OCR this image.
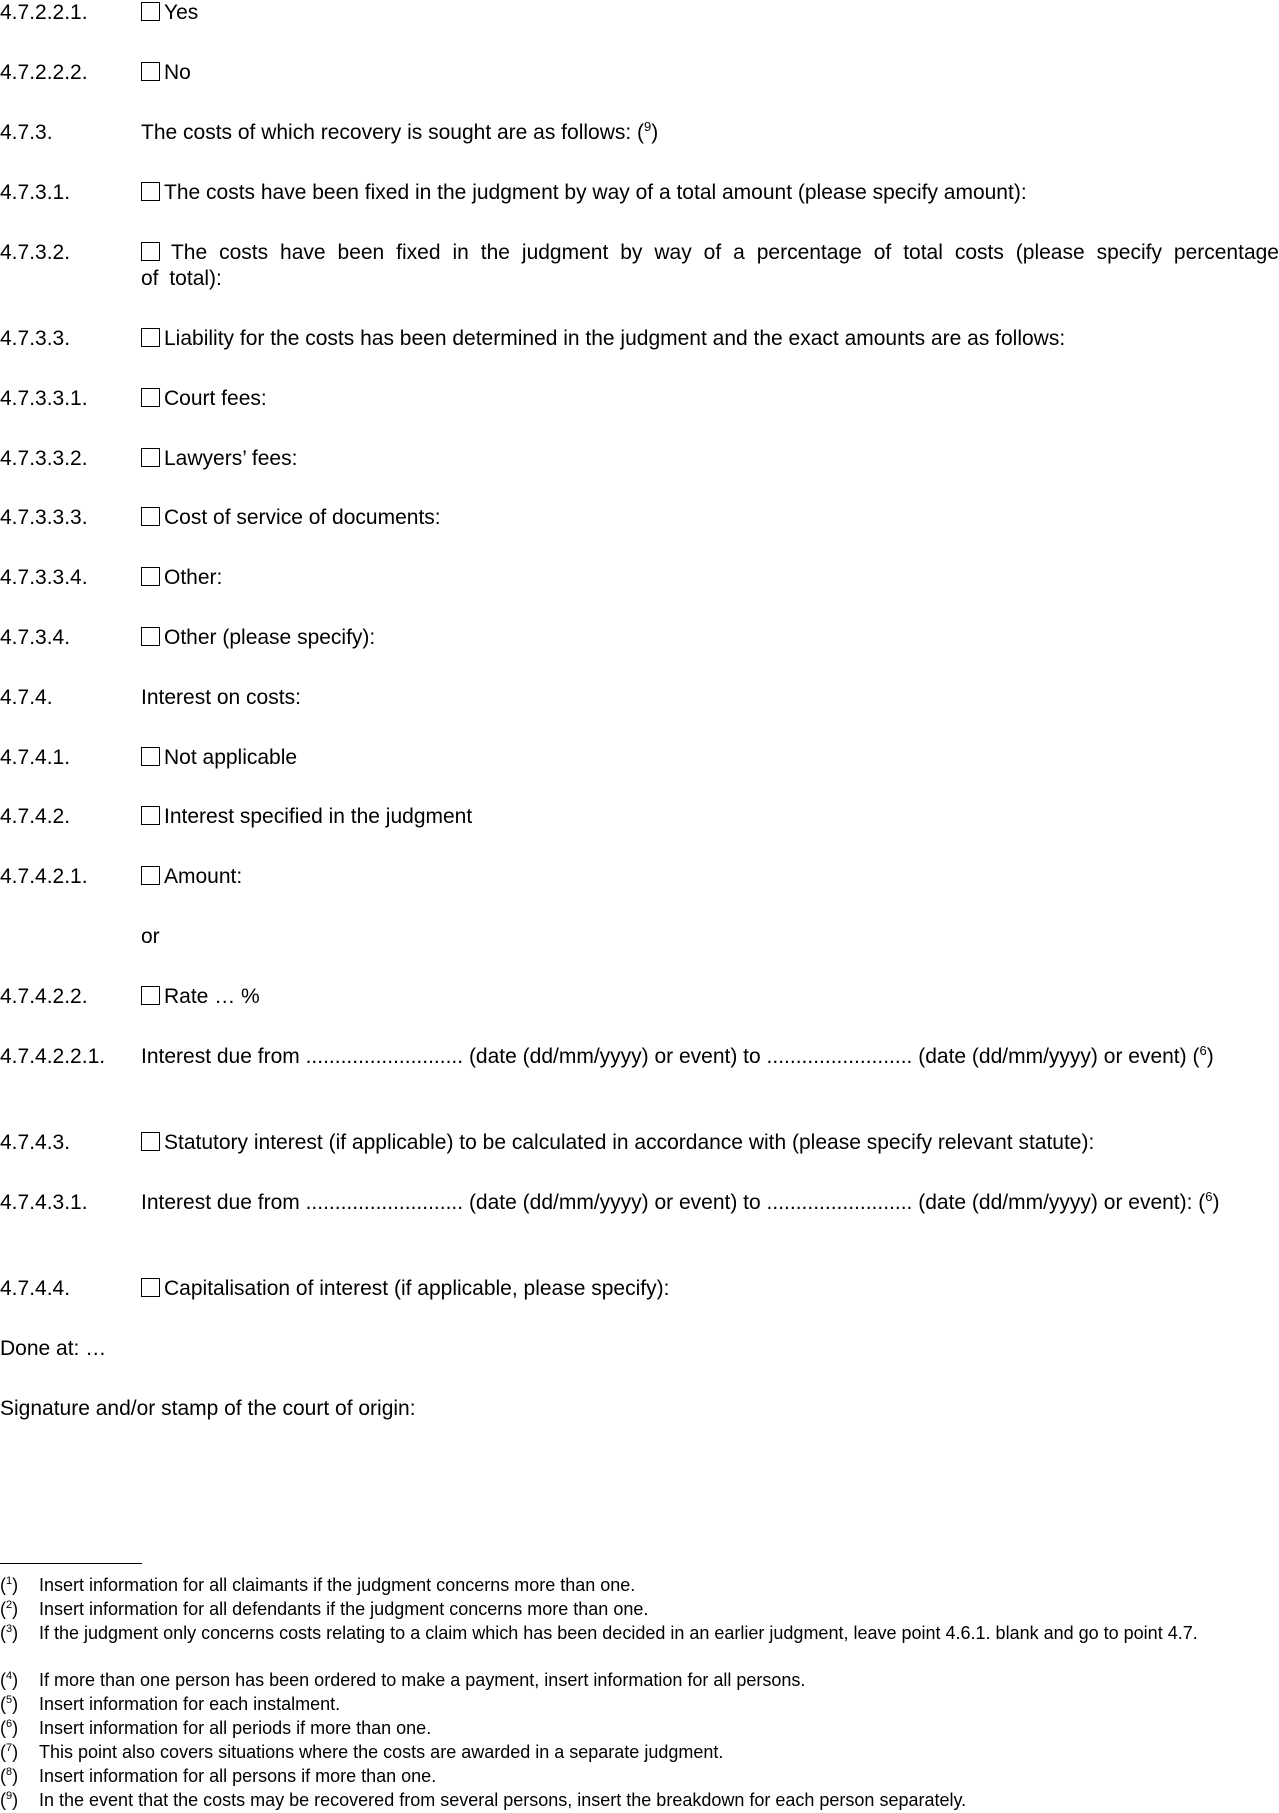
4.7.2.2.1.	Yes
4.7.2.2.2.	No
4.7.3.	The costs of which recovery is sought are as follows: ($^9$)
4.7.3.1.	The costs have been fixed in the judgment by way of a total amount (please specify amount):
4.7.3.2.	The costs have been fixed in the judgment by way of a percentage of total costs (please specify percentage of total):
4.7.3.3.	Liability for the costs has been determined in the judgment and the exact amounts are as follows:
4.7.3.3.1.	Court fees:
4.7.3.3.2.	Lawyers’ fees:
4.7.3.3.3.	Cost of service of documents:
4.7.3.3.4.	Other:
4.7.3.4.	Other (please specify):
4.7.4.	Interest on costs:
4.7.4.1.	Not applicable
4.7.4.2.	Interest specified in the judgment
4.7.4.2.1.	Amount:
or
4.7.4.2.2.	Rate … %
4.7.4.2.2.1. Interest due from ........................... (date (dd/mm/yyyy) or event) to ......................... (date (dd/mm/yyyy) or event) ($^6$)
4.7.4.3.	Statutory interest (if applicable) to be calculated in accordance with (please specify relevant statute):
4.7.4.3.1.	Interest due from ........................... (date (dd/mm/yyyy) or event) to ......................... (date (dd/mm/yyyy) or event): ($^6$)
4.7.4.4.	Capitalisation of interest (if applicable, please specify):
Done at: …
Signature and/or stamp of the court of origin:
($^1$) Insert information for all claimants if the judgment concerns more than one.
($^2$) Insert information for all defendants if the judgment concerns more than one.
($^3$) If the judgment only concerns costs relating to a claim which has been decided in an earlier judgment, leave point 4.6.1. blank and go to point 4.7.
($^4$) If more than one person has been ordered to make a payment, insert information for all persons.
($^5$) Insert information for each instalment.
($^6$) Insert information for all periods if more than one.
($^7$) This point also covers situations where the costs are awarded in a separate judgment.
($^8$) Insert information for all persons if more than one.
($^9$) In the event that the costs may be recovered from several persons, insert the breakdown for each person separately.
